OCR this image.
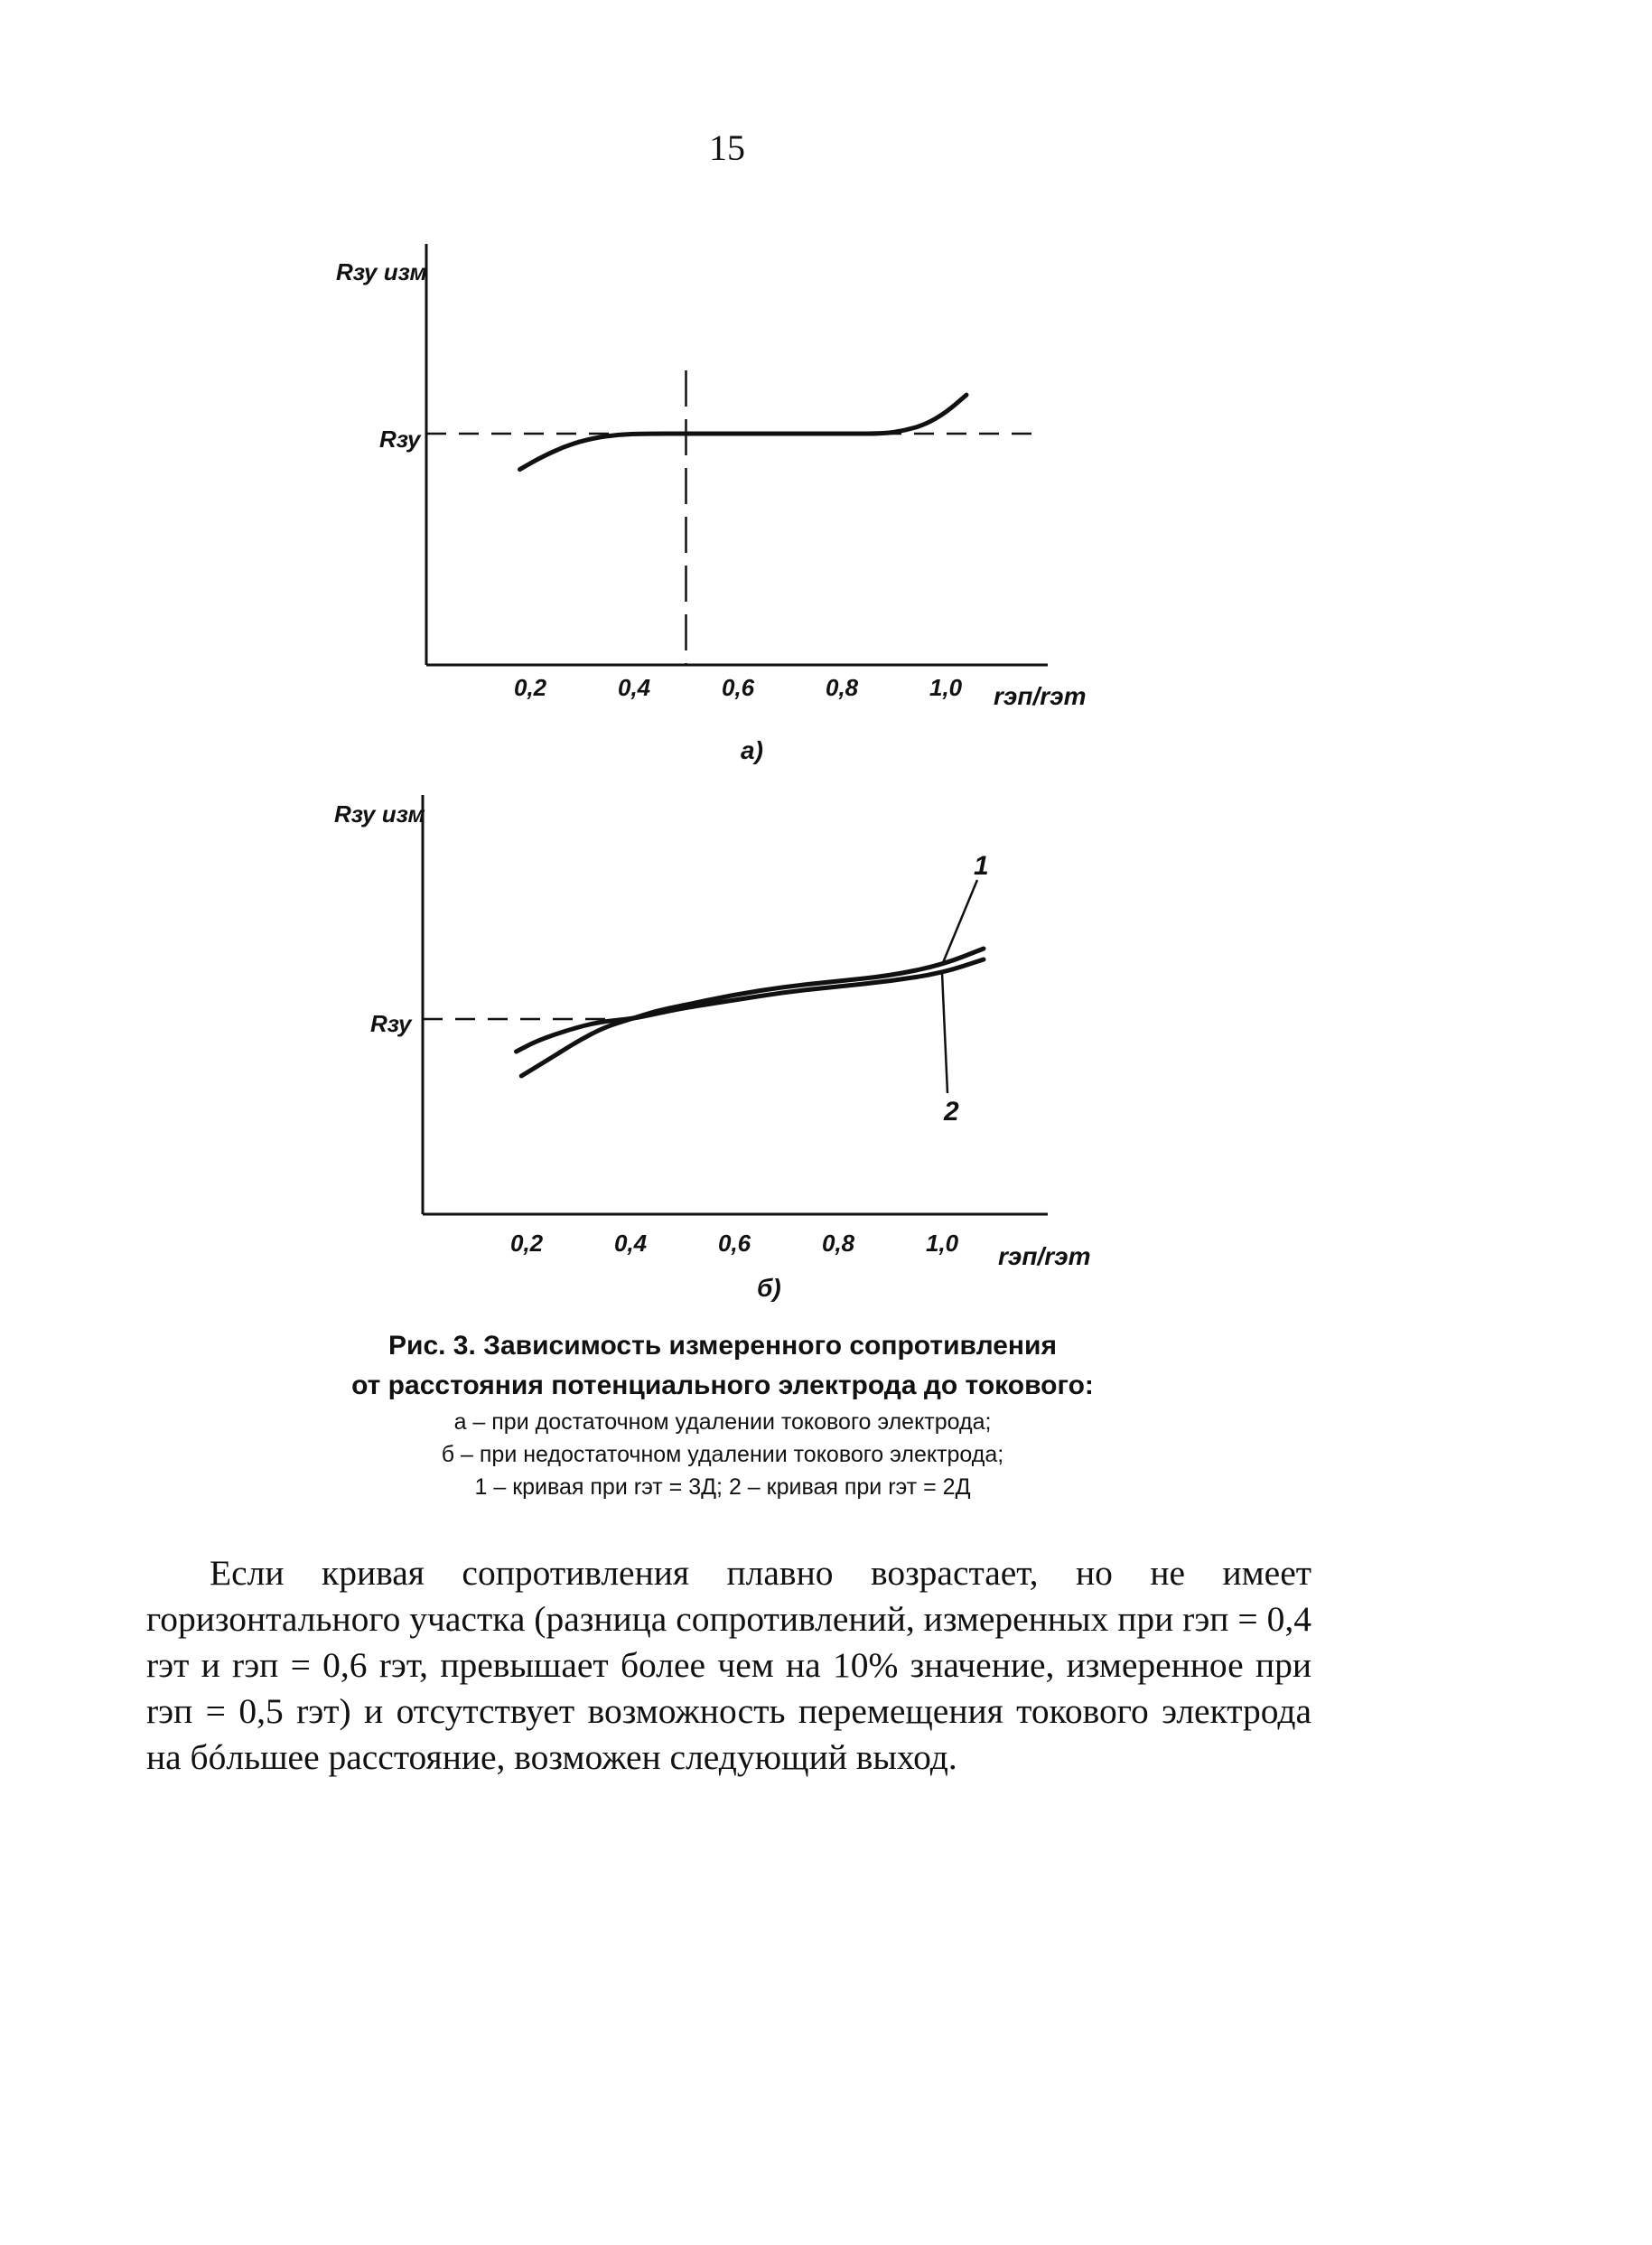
15
Rзу изм
Rзу
0,2	0,4	0,6	0,8	1,0 rэп/rэт
а)
Rзу изм
Rзу
0,2	0,4	0,6	0,8	1,0 rэп/rэт
б)
1
2
Рис. 3. Зависимость измеренного сопротивления
от расстояния потенциального электрода до токового:
а – при достаточном удалении токового электрода;
б – при недостаточном удалении токового электрода;
1 – кривая при rэт = 3Д; 2 – кривая при rэт = 2Д

Если кривая сопротивления плавно возрастает, но не имеет горизонтального участка (разница сопротивлений, измеренных при rэп = 0,4 rэт и rэп = 0,6 rэт, превышает более чем на 10% значение, измеренное при rэп = 0,5 rэт) и отсутствует возможность перемещения токового электрода на бóльшее расстояние, возможен следующий выход.
